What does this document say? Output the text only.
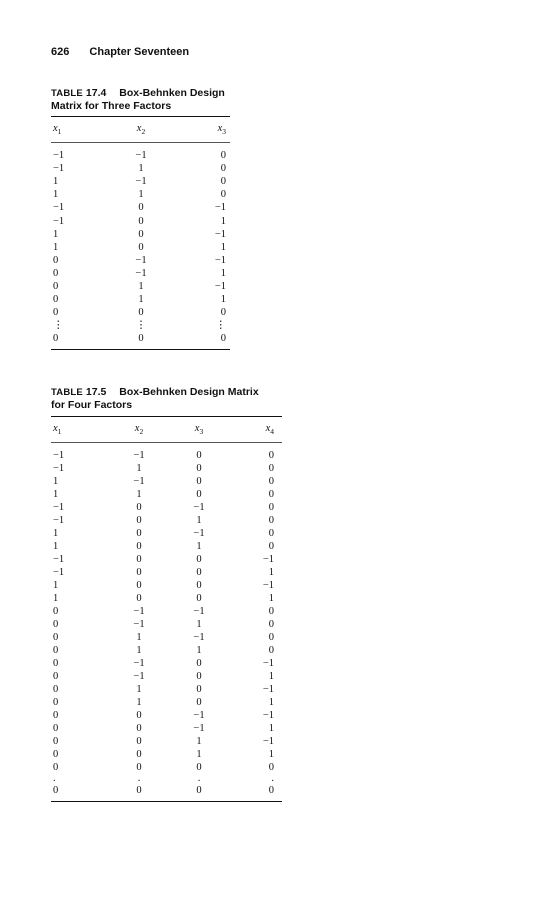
626 Chapter Seventeen
TABLE 17.4 Box-Behnken Design
Matrix for Three Factors
$x_1$	$x_2$	$x_3$
−1	−1	0
−1	1	0
1	−1	0
1	1	0
−1	0	−1
−1	0	1
1	0	−1
1	0	1
0	−1	−1
0	−1	1
0	1	−1
0	1	1
0	0	0
⋮	⋮	⋮
0	0	0
TABLE 17.5 Box-Behnken Design Matrix
for Four Factors
$x_1$	$x_2$	$x_3$	$x_4$
−1	−1	0	0
−1	1	0	0
1	−1	0	0
1	1	0	0
−1	0	−1	0
−1	0	1	0
1	0	−1	0
1	0	1	0
−1	0	0	−1
−1	0	0	1
1	0	0	−1
1	0	0	1
0	−1	−1	0
0	−1	1	0
0	1	−1	0
0	1	1	0
0	−1	0	−1
0	−1	0	1
0	1	0	−1
0	1	0	1
0	0	−1	−1
0	0	−1	1
0	0	1	−1
0	0	1	1
0	0	0	0
.	.	.	.
0	0	0	0
